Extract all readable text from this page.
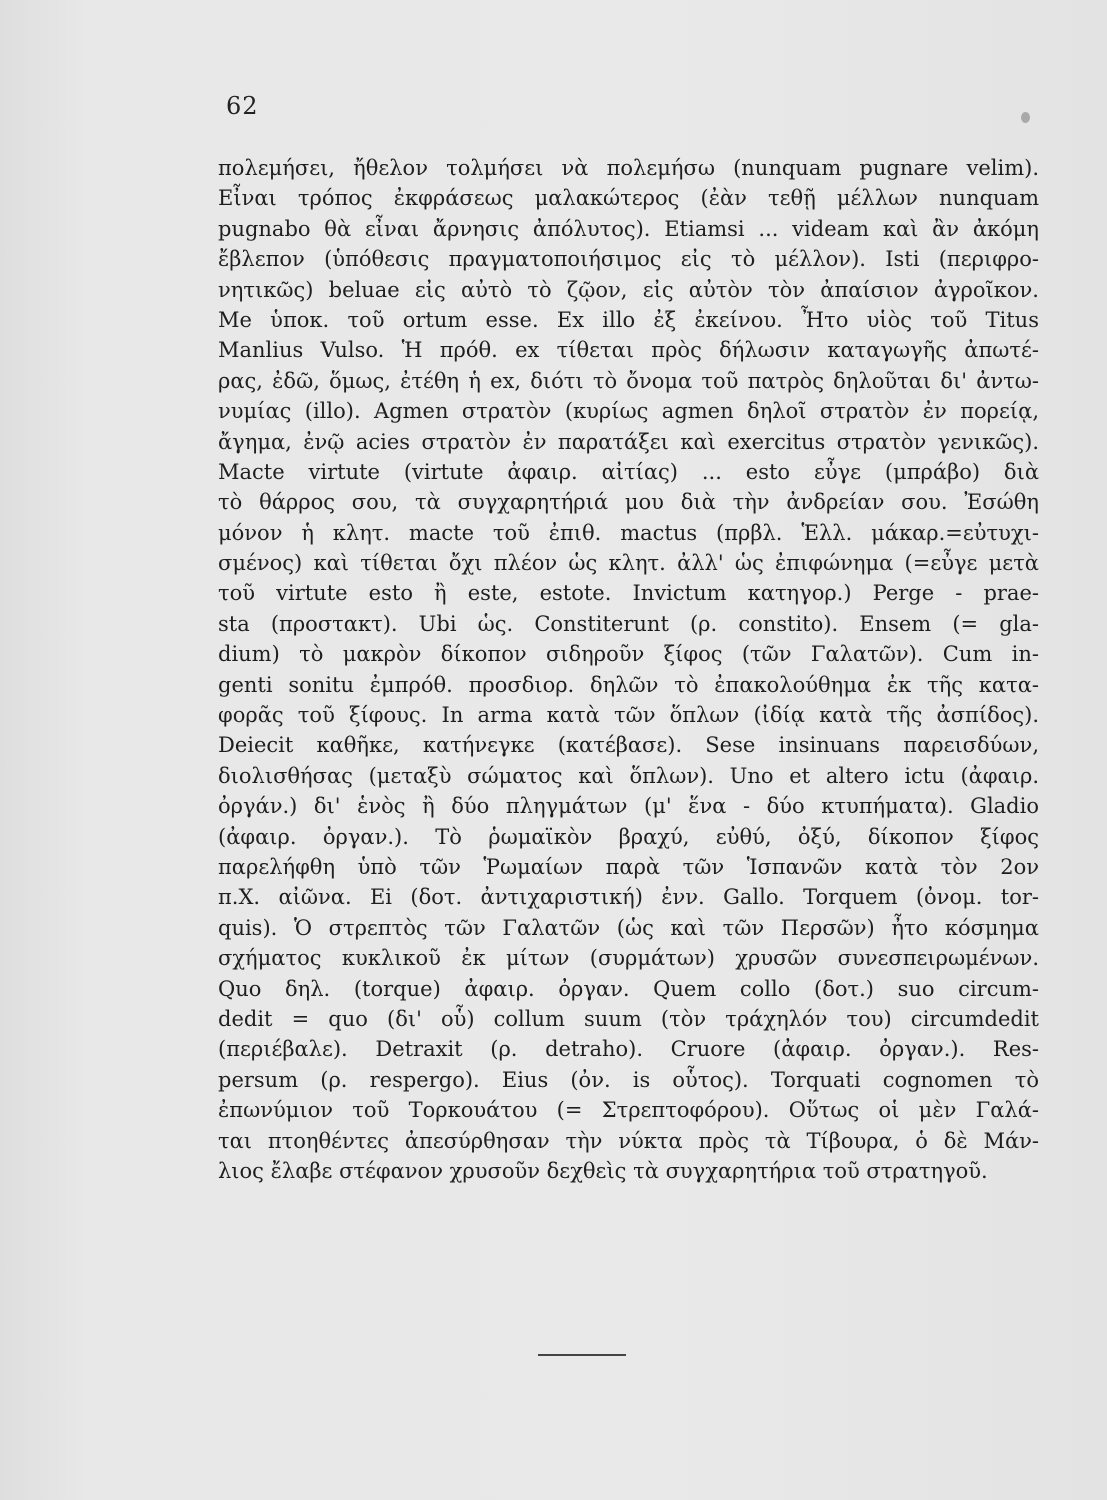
62
πολεμήσει, ἤθελον τολμήσει νὰ πολεμήσω (nunquam pugnare velim).
Εἶναι τρόπος ἐκφράσεως μαλακώτερος (ἐὰν τεθῇ μέλλων nunquam
pugnabo θὰ εἶναι ἄρνησις ἀπόλυτος). Etiamsi ... videam καὶ ἂν ἀκόμη
ἔβλεπον (ὑπόθεσις πραγματοποιήσιμος εἰς τὸ μέλλον). Isti (περιφρο-
νητικῶς) beluae εἰς αὐτὸ τὸ ζῷον, εἰς αὐτὸν τὸν ἀπαίσιον ἀγροῖκον.
Me ὑποκ. τοῦ ortum esse. Ex illo ἐξ ἐκείνου. Ἦτο υἱὸς τοῦ Titus
Manlius Vulso. Ἡ πρόθ. ex τίθεται πρὸς δήλωσιν καταγωγῆς ἀπωτέ-
ρας, ἐδῶ, ὅμως, ἐτέθη ἡ ex, διότι τὸ ὄνομα τοῦ πατρὸς δηλοῦται δι' ἀντω-
νυμίας (illo). Agmen στρατὸν (κυρίως agmen δηλοῖ στρατὸν ἐν πορείᾳ,
ἄγημα, ἐνῷ acies στρατὸν ἐν παρατάξει καὶ exercitus στρατὸν γενικῶς).
Macte virtute (virtute ἀφαιρ. αἰτίας) ... esto εὖγε (μπράβο) διὰ
τὸ θάρρος σου, τὰ συγχαρητήριά μου διὰ τὴν ἀνδρείαν σου. Ἐσώθη
μόνον ἡ κλητ. macte τοῦ ἐπιθ. mactus (πρβλ. Ἑλλ. μάκαρ.=εὐτυχι-
σμένος) καὶ τίθεται ὄχι πλέον ὡς κλητ. ἀλλ' ὡς ἐπιφώνημα (=εὖγε μετὰ
τοῦ virtute esto ἢ este, estote. Invictum κατηγορ.) Perge - prae-
sta (προστακτ). Ubi ὡς. Constiterunt (ρ. constito). Ensem (= gla-
dium) τὸ μακρὸν δίκοπον σιδηροῦν ξίφος (τῶν Γαλατῶν). Cum in-
genti sonitu ἐμπρόθ. προσδιορ. δηλῶν τὸ ἐπακολούθημα ἐκ τῆς κατα-
φορᾶς τοῦ ξίφους. In arma κατὰ τῶν ὅπλων (ἰδίᾳ κατὰ τῆς ἀσπίδος).
Deiecit καθῆκε, κατήνεγκε (κατέβασε). Sese insinuans παρεισδύων,
διολισθήσας (μεταξὺ σώματος καὶ ὅπλων). Uno et altero ictu (ἀφαιρ.
ὀργάν.) δι' ἑνὸς ἢ δύο πληγμάτων (μ' ἕνα - δύο κτυπήματα). Gladio
(ἀφαιρ. ὀργαν.). Τὸ ῥωμαϊκὸν βραχύ, εὐθύ, ὀξύ, δίκοπον ξίφος
παρελήφθη ὑπὸ τῶν Ῥωμαίων παρὰ τῶν Ἱσπανῶν κατὰ τὸν 2ον
π.Χ. αἰῶνα. Ei (δοτ. ἀντιχαριστική) ἐνν. Gallo. Torquem (ὀνομ. tor-
quis). Ὁ στρεπτὸς τῶν Γαλατῶν (ὡς καὶ τῶν Περσῶν) ἦτο κόσμημα
σχήματος κυκλικοῦ ἐκ μίτων (συρμάτων) χρυσῶν συνεσπειρωμένων.
Quo δηλ. (torque) ἀφαιρ. ὀργαν. Quem collo (δοτ.) suo circum-
dedit = quo (δι' οὗ) collum suum (τὸν τράχηλόν του) circumdedit
(περιέβαλε). Detraxit (ρ. detraho). Cruore (ἀφαιρ. ὀργαν.). Res-
persum (ρ. respergo). Eius (ὀν. is οὗτος). Torquati cognomen τὸ
ἐπωνύμιον τοῦ Τορκουάτου (= Στρεπτοφόρου). Οὕτως οἱ μὲν Γαλά-
ται πτοηθέντες ἀπεσύρθησαν τὴν νύκτα πρὸς τὰ Τίβουρα, ὁ δὲ Μάν-
λιος ἔλαβε στέφανον χρυσοῦν δεχθεὶς τὰ συγχαρητήρια τοῦ στρατηγοῦ.
